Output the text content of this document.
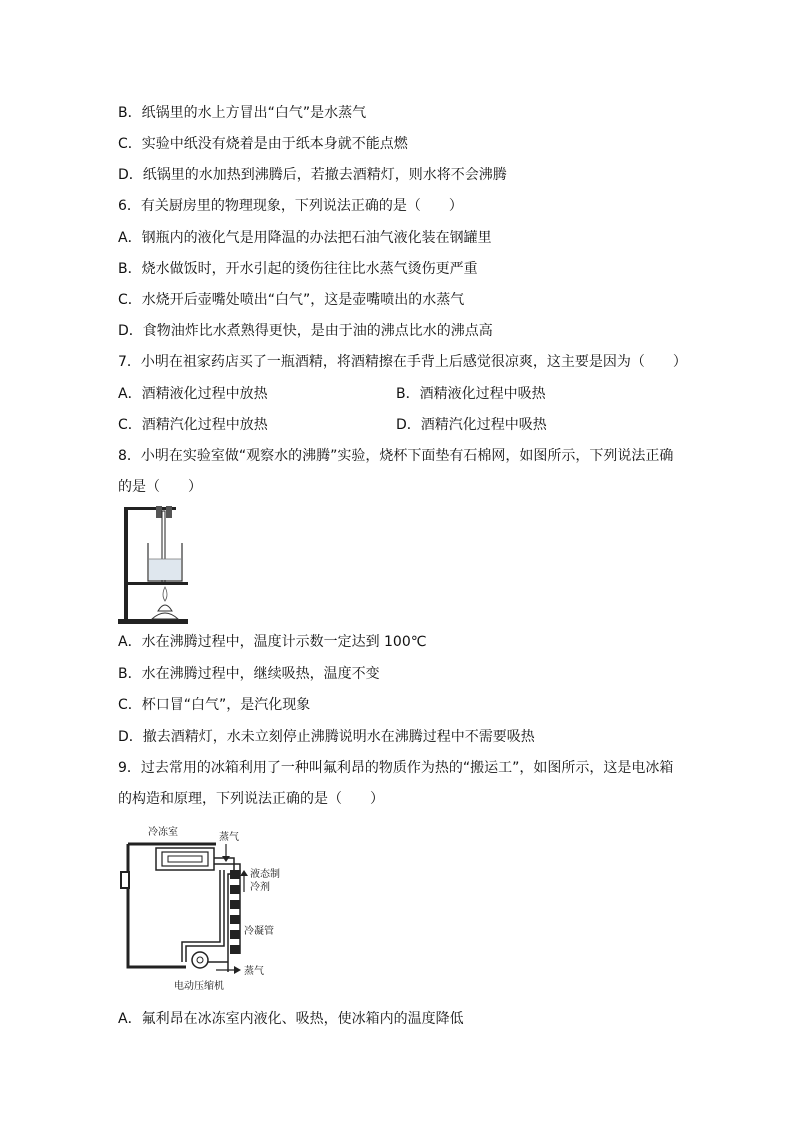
B．纸锅里的水上方冒出“白气”是水蒸气
C．实验中纸没有烧着是由于纸本身就不能点燃
D．纸锅里的水加热到沸腾后，若撤去酒精灯，则水将不会沸腾
6．有关厨房里的物理现象，下列说法正确的是（　　）
A．钢瓶内的液化气是用降温的办法把石油气液化装在钢罐里
B．烧水做饭时，开水引起的烫伤往往比水蒸气烫伤更严重
C．水烧开后壶嘴处喷出“白气”，这是壶嘴喷出的水蒸气
D．食物油炸比水煮熟得更快，是由于油的沸点比水的沸点高
7．小明在祖家药店买了一瓶酒精，将酒精擦在手背上后感觉很凉爽，这主要是因为（　　）
A．酒精液化过程中放热	B．酒精液化过程中吸热
C．酒精汽化过程中放热	D．酒精汽化过程中吸热
8．小明在实验室做“观察水的沸腾”实验，烧杯下面垫有石棉网，如图所示，下列说法正确
的是（　　）
A．水在沸腾过程中，温度计示数一定达到 100℃
B．水在沸腾过程中，继续吸热，温度不变
C．杯口冒“白气”，是汽化现象
D．撤去酒精灯，水未立刻停止沸腾说明水在沸腾过程中不需要吸热
9．过去常用的冰箱利用了一种叫氟利昂的物质作为热的“搬运工”，如图所示，这是电冰箱
的构造和原理，下列说法正确的是（　　）
冷冻室	蒸气
液态制
冷剂
冷凝管
蒸气
电动压缩机
A．氟利昂在冰冻室内液化、吸热，使冰箱内的温度降低
